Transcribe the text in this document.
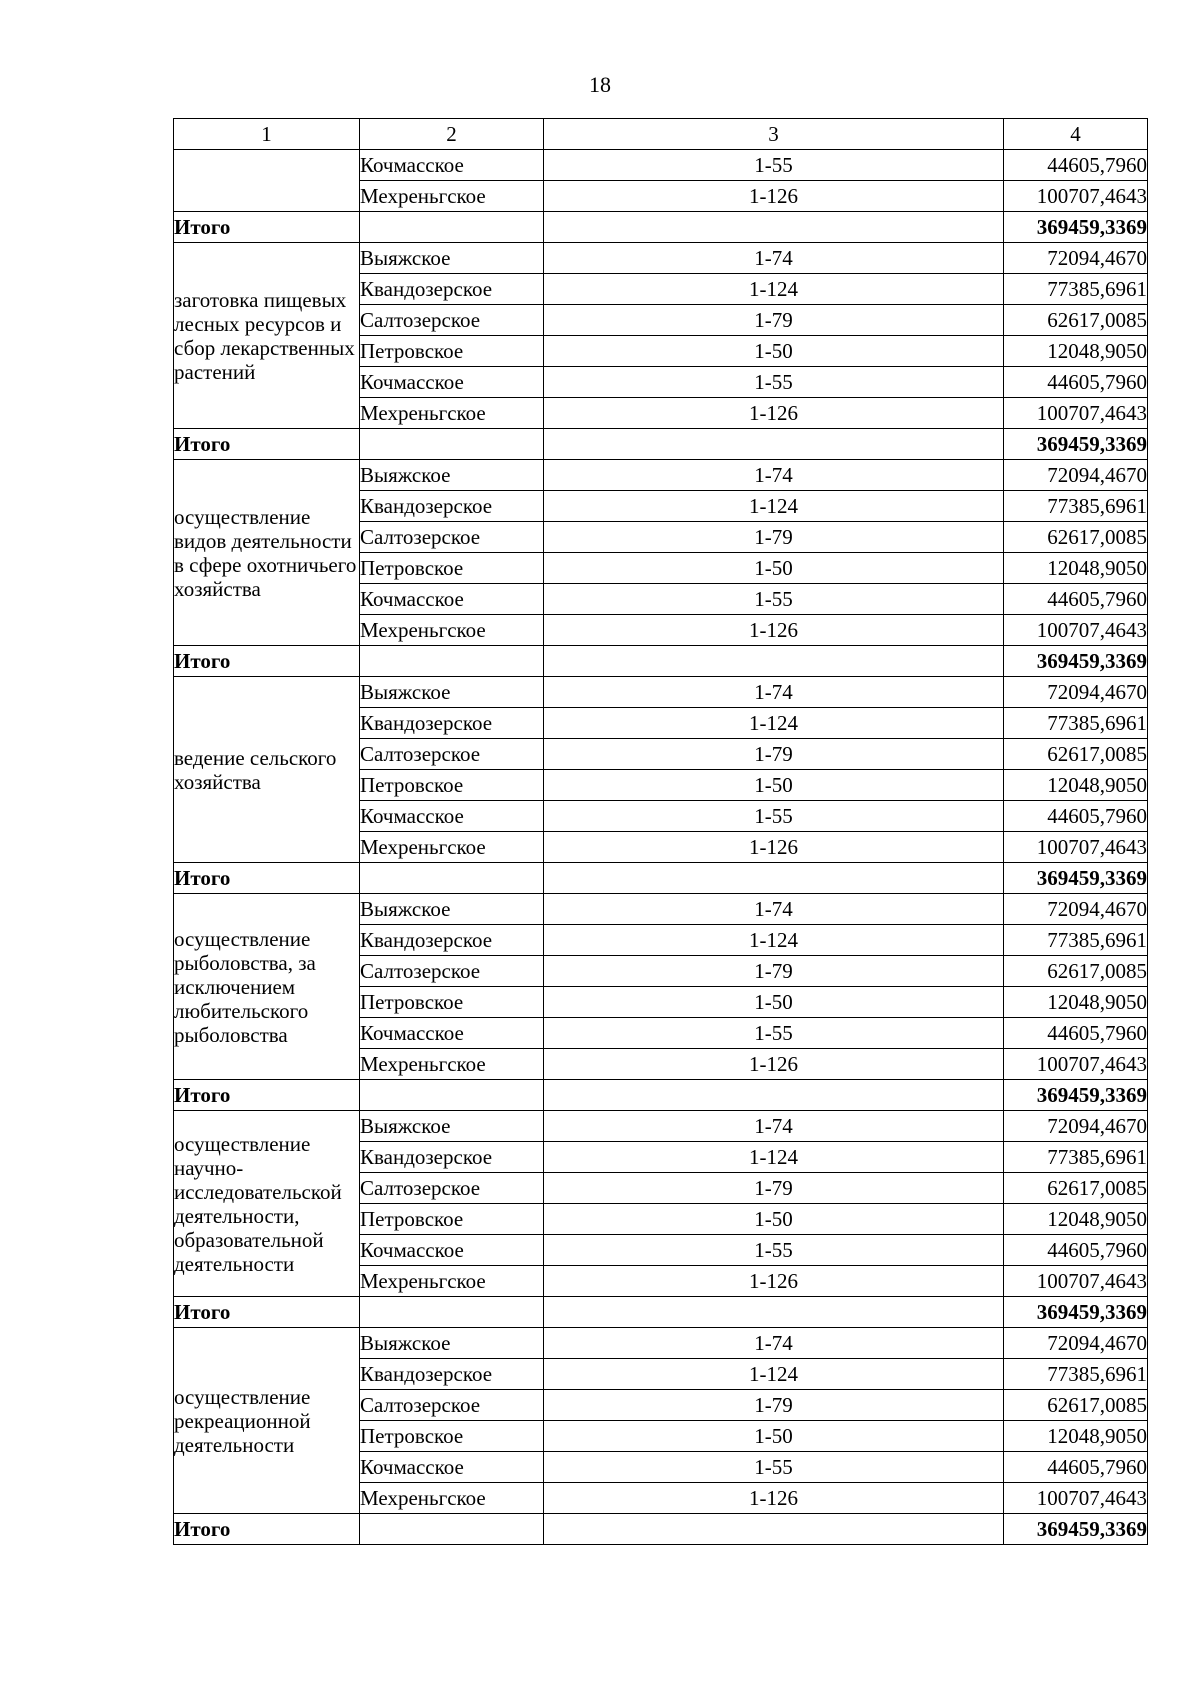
18
1	2	3	4
	Кочмасское	1-55	44605,7960
	Мехреньгское	1-126	100707,4643
Итого			369459,3369
заготовка пищевых лесных ресурсов и сбор лекарственных растений	Выяжское	1-74	72094,4670
	Квандозерское	1-124	77385,6961
	Салтозерское	1-79	62617,0085
	Петровское	1-50	12048,9050
	Кочмасское	1-55	44605,7960
	Мехреньгское	1-126	100707,4643
Итого			369459,3369
осуществление видов деятельности в сфере охотничьего хозяйства	Выяжское	1-74	72094,4670
	Квандозерское	1-124	77385,6961
	Салтозерское	1-79	62617,0085
	Петровское	1-50	12048,9050
	Кочмасское	1-55	44605,7960
	Мехреньгское	1-126	100707,4643
Итого			369459,3369
ведение сельского хозяйства	Выяжское	1-74	72094,4670
	Квандозерское	1-124	77385,6961
	Салтозерское	1-79	62617,0085
	Петровское	1-50	12048,9050
	Кочмасское	1-55	44605,7960
	Мехреньгское	1-126	100707,4643
Итого			369459,3369
осуществление рыболовства, за исключением любительского рыболовства	Выяжское	1-74	72094,4670
	Квандозерское	1-124	77385,6961
	Салтозерское	1-79	62617,0085
	Петровское	1-50	12048,9050
	Кочмасское	1-55	44605,7960
	Мехреньгское	1-126	100707,4643
Итого			369459,3369
осуществление научно-исследовательской деятельности, образовательной деятельности	Выяжское	1-74	72094,4670
	Квандозерское	1-124	77385,6961
	Салтозерское	1-79	62617,0085
	Петровское	1-50	12048,9050
	Кочмасское	1-55	44605,7960
	Мехреньгское	1-126	100707,4643
Итого			369459,3369
осуществление рекреационной деятельности	Выяжское	1-74	72094,4670
	Квандозерское	1-124	77385,6961
	Салтозерское	1-79	62617,0085
	Петровское	1-50	12048,9050
	Кочмасское	1-55	44605,7960
	Мехреньгское	1-126	100707,4643
Итого			369459,3369
